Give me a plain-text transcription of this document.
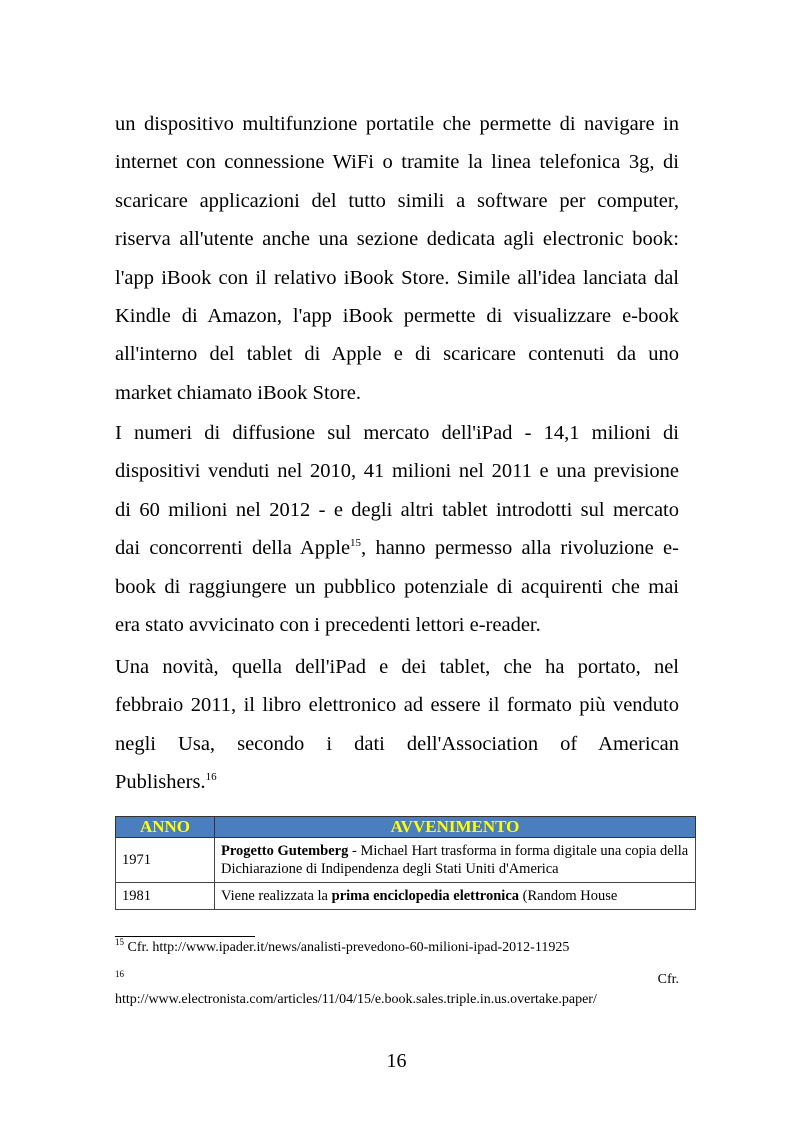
un dispositivo multifunzione portatile che permette di navigare in
internet con connessione WiFi o tramite la linea telefonica 3g, di
scaricare applicazioni del tutto simili a software per computer,
riserva all'utente anche una sezione dedicata agli electronic book:
l'app iBook con il relativo iBook Store. Simile all'idea lanciata dal
Kindle di Amazon, l'app iBook permette di visualizzare e-book
all'interno del tablet di Apple e di scaricare contenuti da uno
market chiamato iBook Store.

I numeri di diffusione sul mercato dell'iPad - 14,1 milioni di
dispositivi venduti nel 2010, 41 milioni nel 2011 e una previsione
di 60 milioni nel 2012 - e degli altri tablet introdotti sul mercato
dai concorrenti della Apple$^{15}$, hanno permesso alla rivoluzione e-
book di raggiungere un pubblico potenziale di acquirenti che mai
era stato avvicinato con i precedenti lettori e-reader.

Una novità, quella dell'iPad e dei tablet, che ha portato, nel
febbraio 2011, il libro elettronico ad essere il formato più venduto
negli Usa, secondo i dati dell'Association of American
Publishers.$^{16}$

ANNO	AVVENIMENTO
1971	Progetto Gutemberg - Michael Hart trasforma in forma digitale una copia della Dichiarazione di Indipendenza degli Stati Uniti d'America
1981	Viene realizzata la prima enciclopedia elettronica (Random House

$^{15}$ Cfr. http://www.ipader.it/news/analisti-prevedono-60-milioni-ipad-2012-11925

$^{16}$	Cfr.

http://www.electronista.com/articles/11/04/15/e.book.sales.triple.in.us.overtake.paper/

16
